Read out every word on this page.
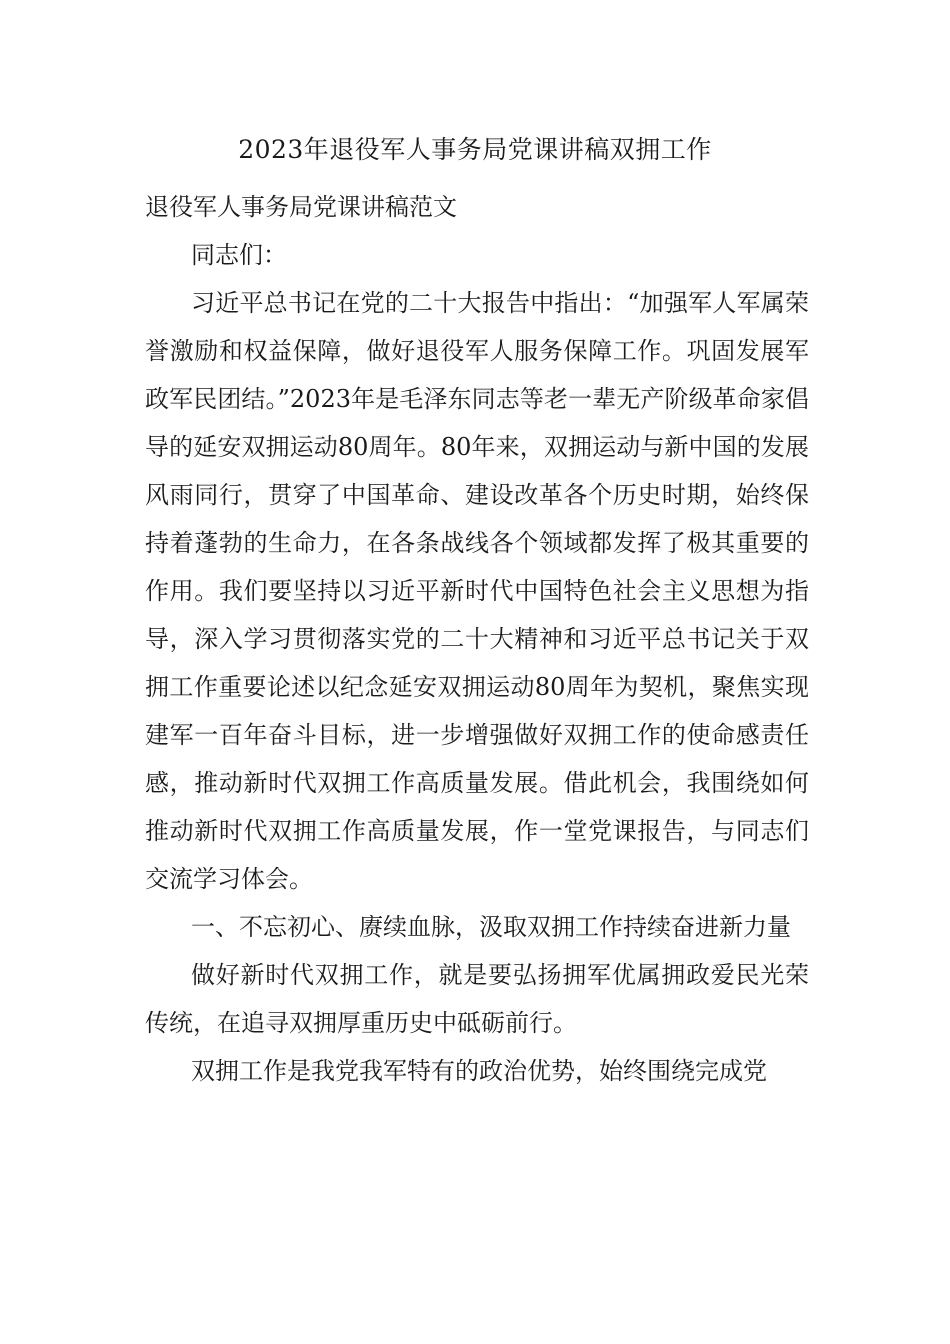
2023年退役军人事务局党课讲稿双拥工作

退役军人事务局党课讲稿范文

同志们：

习近平总书记在党的二十大报告中指出：“加强军人军属荣誉激励和权益保障，做好退役军人服务保障工作。巩固发展军政军民团结。”2023年是毛泽东同志等老一辈无产阶级革命家倡导的延安双拥运动80周年。80年来，双拥运动与新中国的发展风雨同行，贯穿了中国革命、建设改革各个历史时期，始终保持着蓬勃的生命力，在各条战线各个领域都发挥了极其重要的作用。我们要坚持以习近平新时代中国特色社会主义思想为指导，深入学习贯彻落实党的二十大精神和习近平总书记关于双拥工作重要论述以纪念延安双拥运动80周年为契机，聚焦实现建军一百年奋斗目标，进一步增强做好双拥工作的使命感责任感，推动新时代双拥工作高质量发展。借此机会，我围绕如何推动新时代双拥工作高质量发展，作一堂党课报告，与同志们交流学习体会。

一、不忘初心、赓续血脉，汲取双拥工作持续奋进新力量

做好新时代双拥工作，就是要弘扬拥军优属拥政爱民光荣传统，在追寻双拥厚重历史中砥砺前行。

双拥工作是我党我军特有的政治优势，始终围绕完成党
